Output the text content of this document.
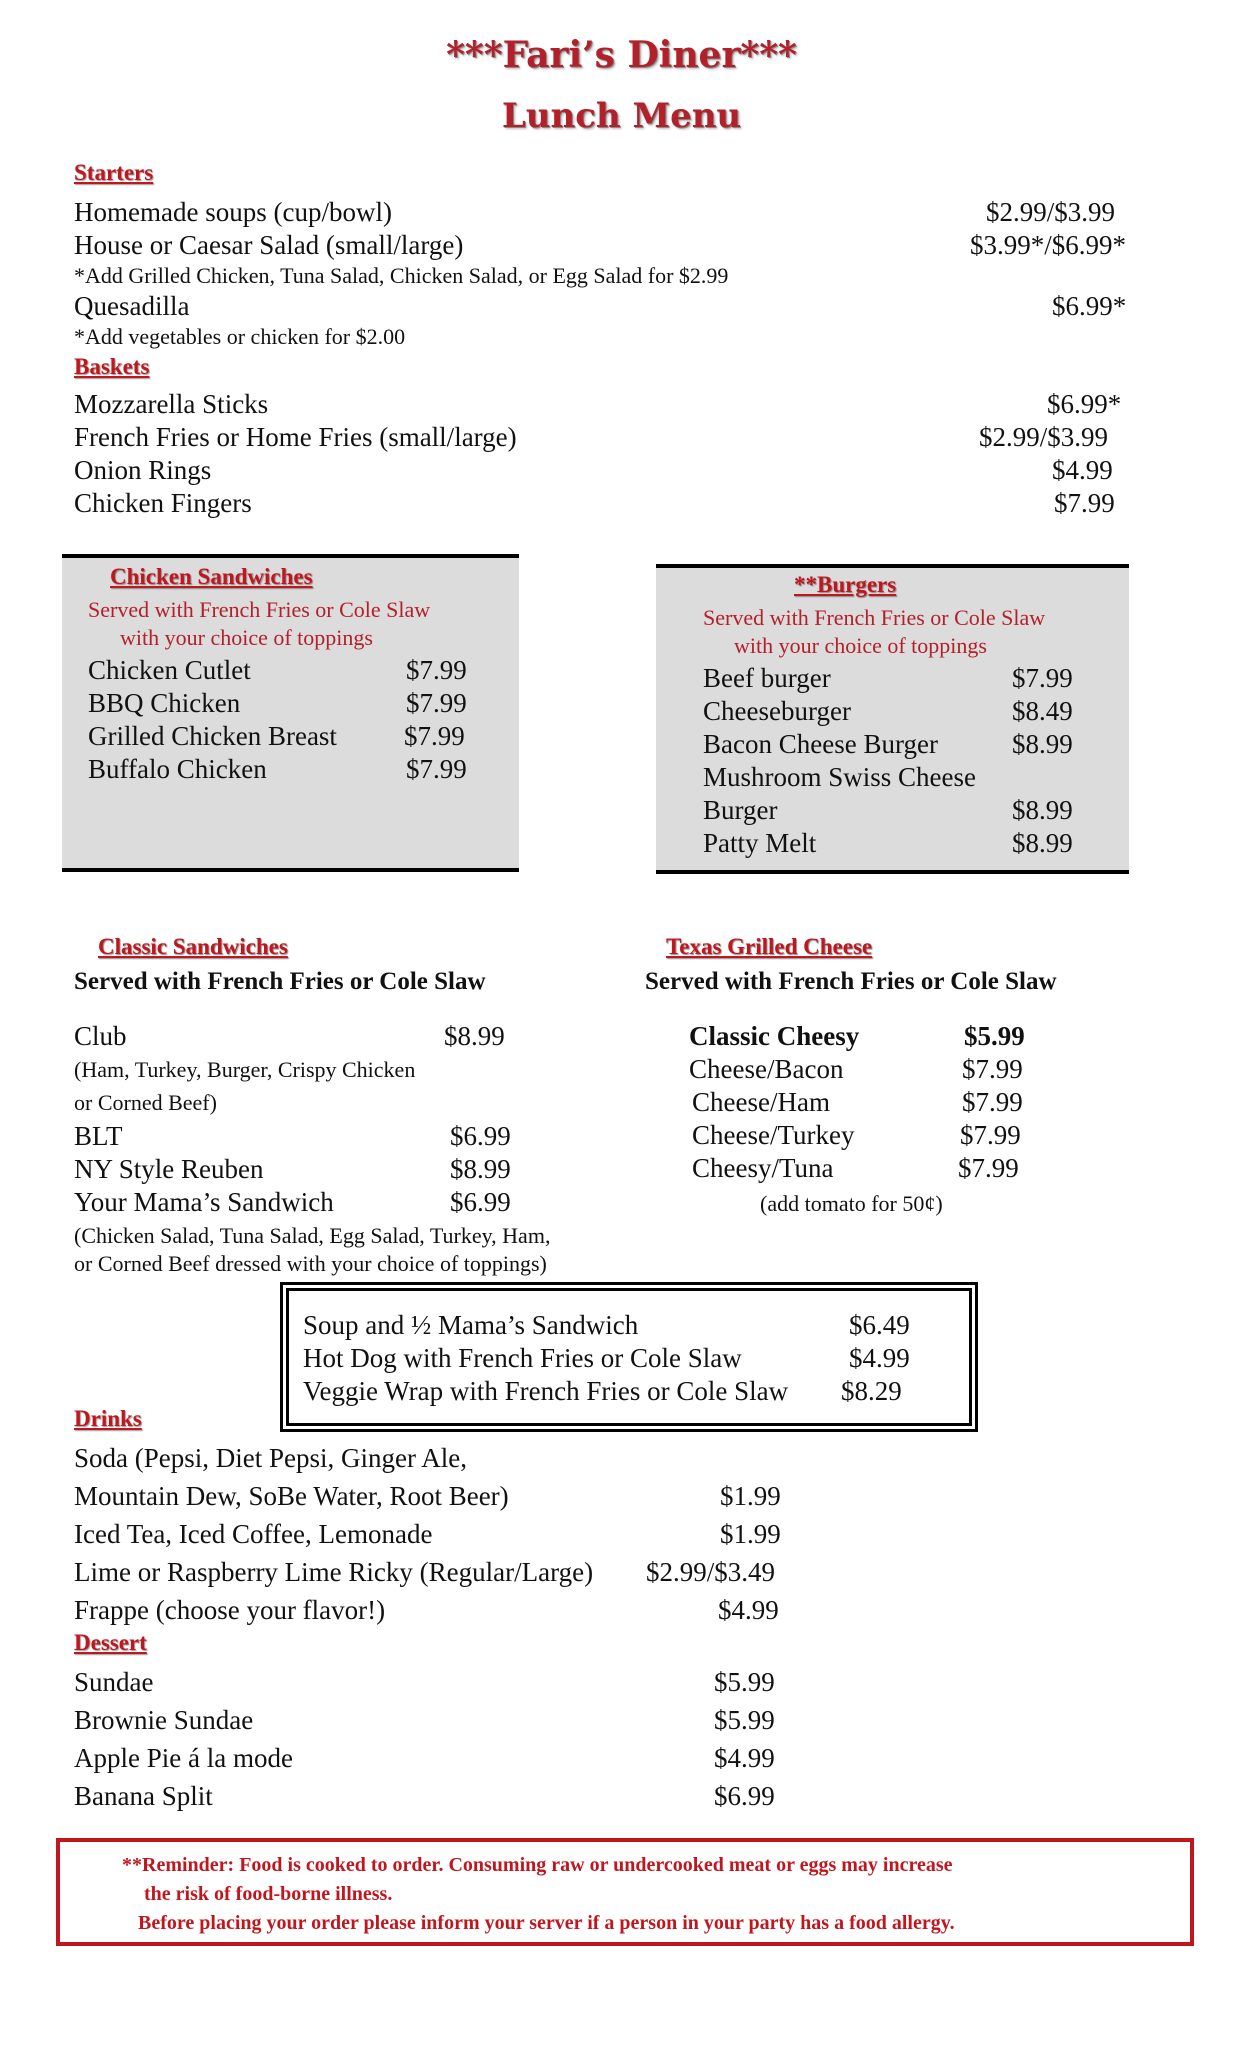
***Fari’s Diner***
Lunch Menu
Starters
Homemade soups (cup/bowl)	$2.99/$3.99
House or Caesar Salad (small/large)	$3.99*/$6.99*
*Add Grilled Chicken, Tuna Salad, Chicken Salad, or Egg Salad for $2.99
Quesadilla	$6.99*
*Add vegetables or chicken for $2.00
Baskets
Mozzarella Sticks	$6.99*
French Fries or Home Fries (small/large)	$2.99/$3.99
Onion Rings	$4.99
Chicken Fingers	$7.99
Chicken Sandwiches
Served with French Fries or Cole Slaw
with your choice of toppings
Chicken Cutlet	$7.99
BBQ Chicken	$7.99
Grilled Chicken Breast $7.99
Buffalo Chicken	$7.99
**Burgers
Served with French Fries or Cole Slaw
with your choice of toppings
Beef burger	$7.99
Cheeseburger	$8.49
Bacon Cheese Burger	$8.99
Mushroom Swiss Cheese
Burger	$8.99
Patty Melt	$8.99
Classic Sandwiches
Served with French Fries or Cole Slaw
Club	$8.99
(Ham, Turkey, Burger, Crispy Chicken
or Corned Beef)
BLT	$6.99
NY Style Reuben	$8.99
Your Mama’s Sandwich	$6.99
(Chicken Salad, Tuna Salad, Egg Salad, Turkey, Ham,
or Corned Beef dressed with your choice of toppings)
Texas Grilled Cheese
Served with French Fries or Cole Slaw
Classic Cheesy	$5.99
Cheese/Bacon	$7.99
Cheese/Ham	$7.99
Cheese/Turkey	$7.99
Cheesy/Tuna	$7.99
(add tomato for 50¢)
Soup and ½ Mama’s Sandwich	$6.49
Hot Dog with French Fries or Cole Slaw	$4.99
Veggie Wrap with French Fries or Cole Slaw $8.29
Drinks
Soda (Pepsi, Diet Pepsi, Ginger Ale,
Mountain Dew, SoBe Water, Root Beer)	$1.99
Iced Tea, Iced Coffee, Lemonade	$1.99
Lime or Raspberry Lime Ricky (Regular/Large) $2.99/$3.49
Frappe (choose your flavor!)	$4.99
Dessert
Sundae	$5.99
Brownie Sundae	$5.99
Apple Pie á la mode	$4.99
Banana Split	$6.99
**Reminder: Food is cooked to order. Consuming raw or undercooked meat or eggs may increase
the risk of food-borne illness.
Before placing your order please inform your server if a person in your party has a food allergy.
